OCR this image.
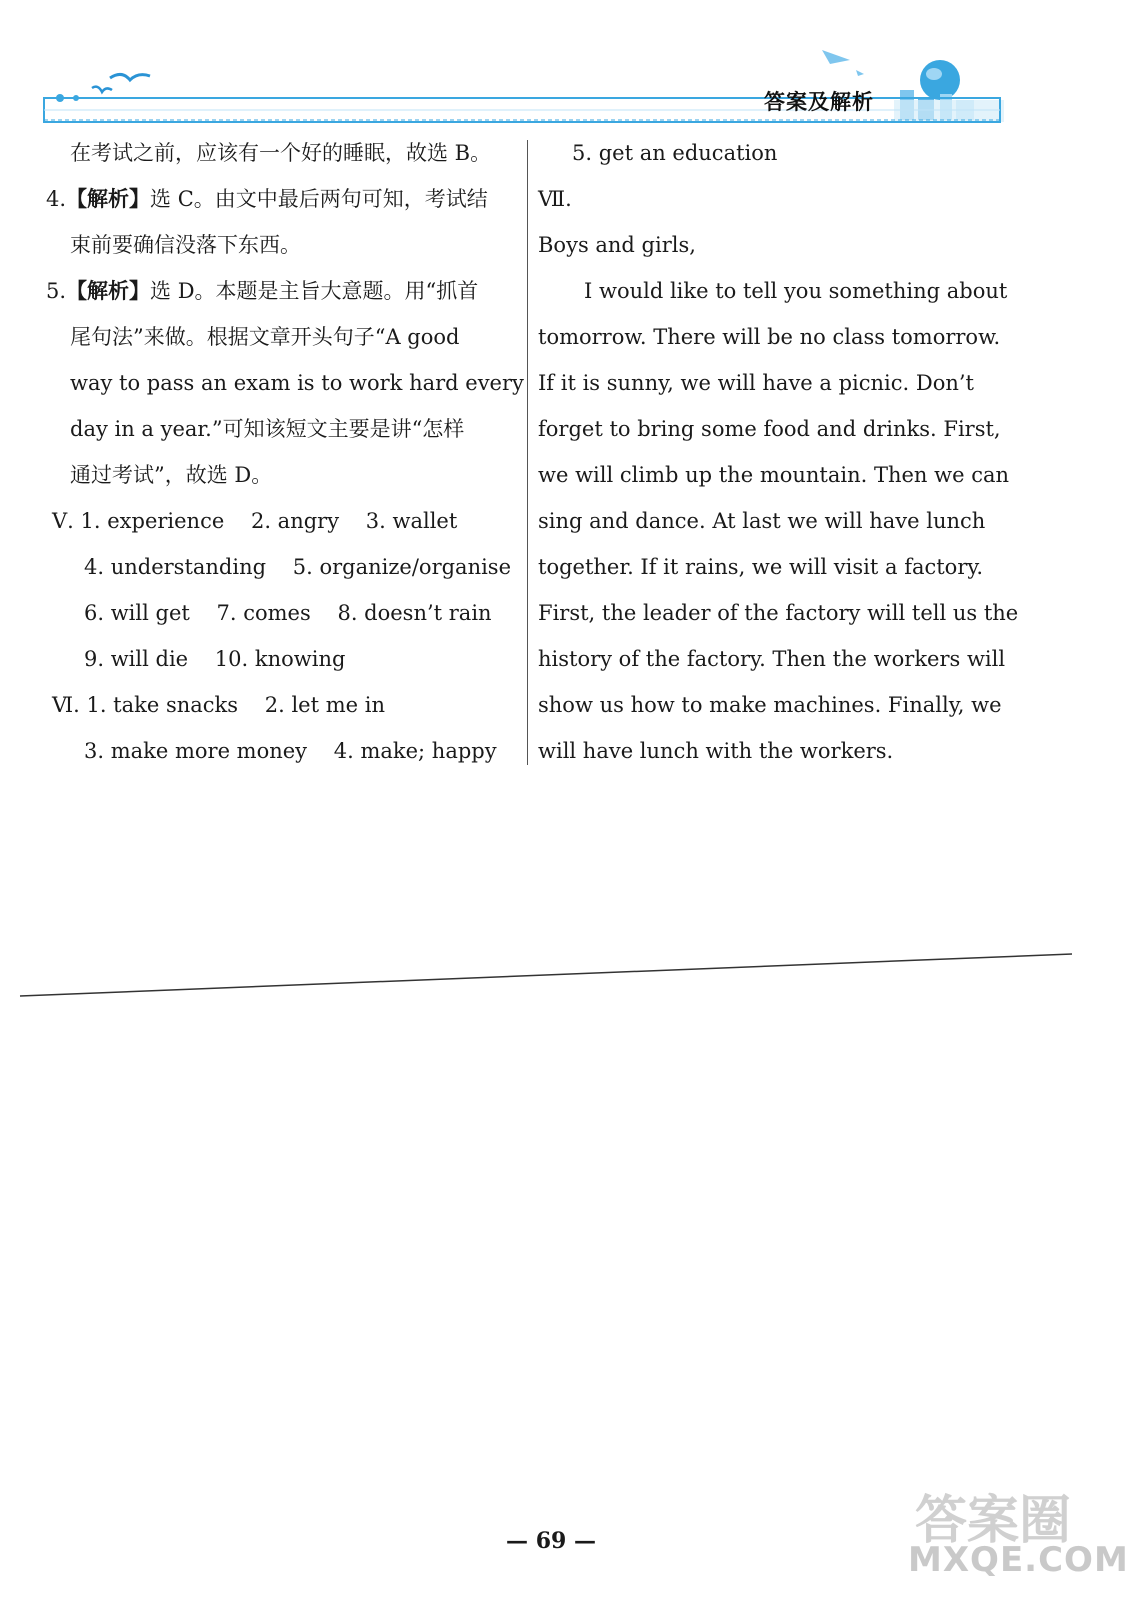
答案及解析
在考试之前，应该有一个好的睡眠，故选 B。
4.【解析】选 C。由文中最后两句可知，考试结
束前要确信没落下东西。
5.【解析】选 D。本题是主旨大意题。用“抓首
尾句法”来做。根据文章开头句子“A good
way to pass an exam is to work hard every
day in a year.”可知该短文主要是讲“怎样
通过考试”，故选 D。
Ⅴ. 1. experience    2. angry    3. wallet
4. understanding    5. organize/organise
6. will get    7. comes    8. doesn’t rain
9. will die    10. knowing
Ⅵ. 1. take snacks    2. let me in
3. make more money    4. make; happy
5. get an education
Ⅶ.
Boys and girls,
I would like to tell you something about
tomorrow. There will be no class tomorrow.
If it is sunny, we will have a picnic. Don’t
forget to bring some food and drinks. First,
we will climb up the mountain. Then we can
sing and dance. At last we will have lunch
together. If it rains, we will visit a factory.
First, the leader of the factory will tell us the
history of the factory. Then the workers will
show us how to make machines. Finally, we
will have lunch with the workers.
— 69 —	答案圈
MXQE.COM
